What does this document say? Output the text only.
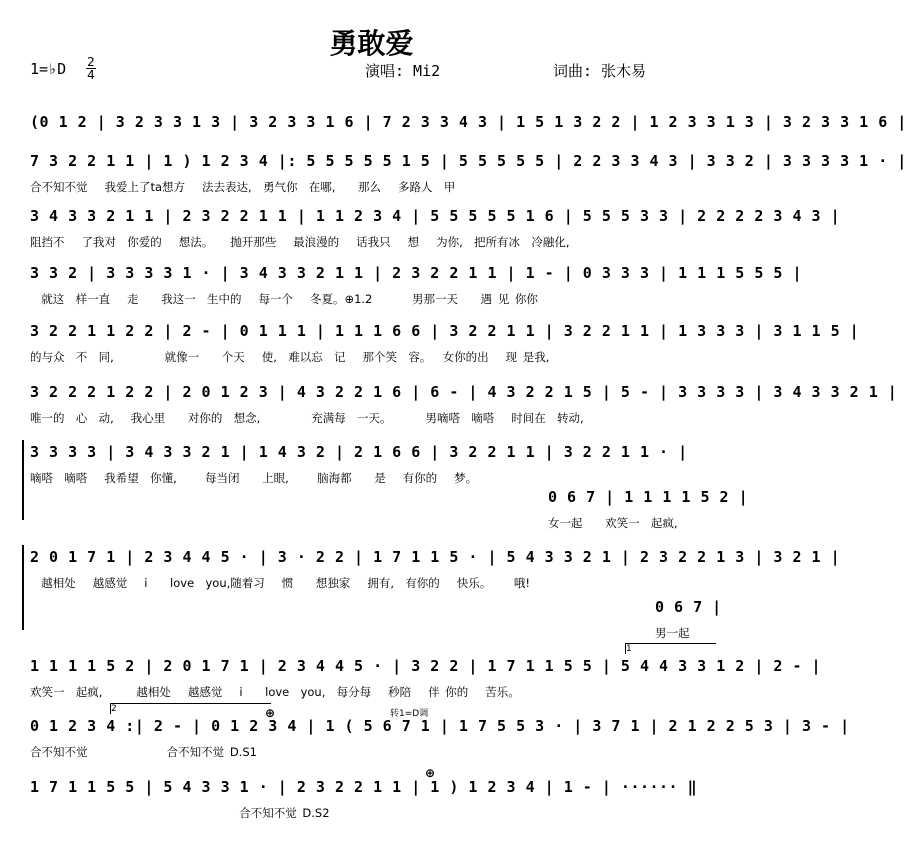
勇敢爱
1=♭D 2
4	演唱: Mi2	词曲: 张木易
(0 1 2 | 3 2 3 3 1 3 | 3 2 3 3 1 6 | 7 2 3 3 4 3 | 1 5 1 3 2 2 | 1 2 3 3 1 3 | 3 2 3 3 1 6 |
7 3 2 2 1 1 | 1 ) 1 2 3 4 |: 5 5 5 5 5 1 5 | 5 5 5 5 5 | 2 2 3 3 4 3 | 3 3 2 | 3 3 3 3 1 · |
合不知不觉   我爱上了ta想方   法去表达,  勇气你  在哪,    那么   多路人  甲
3 4 3 3 2 1 1 | 2 3 2 2 1 1 | 1 1 2 3 4 | 5 5 5 5 5 1 6 | 5 5 5 3 3 | 2 2 2 2 3 4 3 |
阻挡不   了我对  你爱的   想法。   抛开那些   最浪漫的   话我只   想   为你,  把所有冰  冷融化,
3 3 2 | 3 3 3 3 1 · | 3 4 3 3 2 1 1 | 2 3 2 2 1 1 | 1 - | 0 3 3 3 | 1 1 1 5 5 5 |
就这  样一直   走    我这一  生中的   每一个   冬夏。⊕1.2       男那一天    遇 见 你你
3 2 2 1 1 2 2 | 2 - | 0 1 1 1 | 1 1 1 6 6 | 3 2 2 1 1 | 3 2 2 1 1 | 1 3 3 3 | 3 1 1 5 |
的与众  不  同,         就像一    个天   使,  难以忘  记   那个笑  容。  女你的出   现 是我,
3 2 2 2 1 2 2 | 2 0 1 2 3 | 4 3 2 2 1 6 | 6 - | 4 3 2 2 1 5 | 5 - | 3 3 3 3 | 3 4 3 3 2 1 |
唯一的  心  动,   我心里    对你的  想念,         充满每  一天。      男嘀嗒  嘀嗒   时间在  转动,
3 3 3 3 | 3 4 3 3 2 1 | 1 4 3 2 | 2 1 6 6 | 3 2 2 1 1 | 3 2 2 1 1 · |
嘀嗒  嘀嗒   我希望  你懂,     每当闭    上眼,     脑海都    是   有你的   梦。
0 6 7 | 1 1 1 1 5 2 |
女一起    欢笑一  起疯,
2 0 1 7 1 | 2 3 4 4 5 · | 3 · 2 2 | 1 7 1 1 5 · | 5 4 3 3 2 1 | 2 3 2 2 1 3 | 3 2 1 |
越相处   越感觉   i    love  you,随着习   惯    想独家   拥有,  有你的   快乐。    哦!
0 6 7 |
男一起
1 1 1 1 5 2 | 2 0 1 7 1 | 2 3 4 4 5 · | 3 2 2 | 1 7 1 1 5 5 | 5 4 4 3 3 1 2 | 2 - |
欢笑一  起疯,      越相处   越感觉   i    love  you,  每分每   秒陪   伴 你的   苦乐。
1
0 1 2 3 4 :| 2 - | 0 1 2 3 4 | 1 ( 5 6 7 1 | 1 7 5 5 3 · | 3 7 1 | 2 1 2 2 5 3 | 3 - |
合不知不觉              合不知不觉 D.S1
2	转1=D调
⊕
1 7 1 1 5 5 | 5 4 3 3 1 · | 2 3 2 2 1 1 | 1 ) 1 2 3 4 | 1 - | ······ ‖
合不知不觉 D.S2
⊕
